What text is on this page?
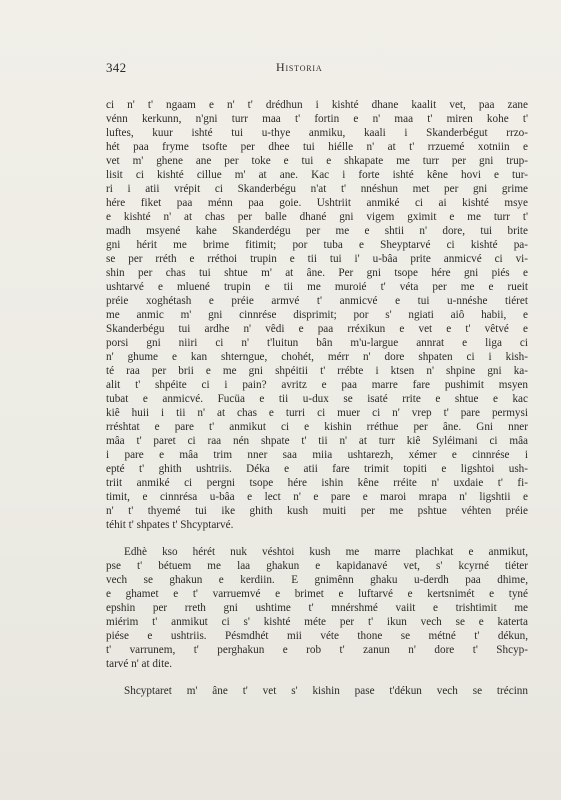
342	Historia
ci n' t' ngaam e n' t' drédhun i kishté dhane kaalit vet, paa zane
vénn kerkunn, n'gni turr maa t' fortin e n' maa t' miren kohe t'
luftes, kuur ishté tui u-thye anmiku, kaali i Skanderbégut rrzo-
hét paa fryme tsofte per dhee tui hiélle n' at t' rrzuemé xotniin e
vet m' ghene ane per toke e tui e shkapate me turr per gni trup-
lisit ci kishté cillue m' at ane. Kac i forte ishté kêne hovi e tur-
ri i atii vrépit ci Skanderbégu n'at t' nnéshun met per gni grime
hére fiket paa ménn paa goie. Ushtriit anmiké ci ai kishté msye
e kishté n' at chas per balle dhané gni vigem gximit e me turr t'
madh msyené kahe Skanderdégu per me e shtii n' dore, tui brite
gni hérit me brime fitimit; por tuba e Sheyptarvé ci kishté pa-
se per rréth e rréthoi trupin e tii tui i' u-bâa prite anmicvé ci vi-
shin per chas tui shtue m' at âne. Per gni tsope hére gni piés e
ushtarvé e mluené trupin e tii me muroié t' véta per me e rueit
préie xoghétash e préie armvé t' anmicvé e tui u-nnéshe tiéret
me anmic m' gni cinnrése disprimit; por s' ngiati aiô habii, e
Skanderbégu tui ardhe n' vêdi e paa rréxikun e vet e t' vêtvé e
porsi gni niiri ci n' t'luitun bân m'u-largue annrat e liga ci
n' ghume e kan shterngue, chohét, mérr n' dore shpaten ci i kish-
té raa per brii e me gni shpéitii t' rrébte i ktsen n' shpine gni ka-
alit t' shpéite ci i pain? avritz e paa marre fare pushimit msyen
tubat e anmicvé. Fucüa e tii u-dux se isaté rrite e shtue e kac
kiê huii i tii n' at chas e turri ci muer ci n' vrep t' pare permysi
rréshtat e pare t' anmikut ci e kishin rréthue per âne. Gni nner
mâa t' paret ci raa nén shpate t' tii n' at turr kiê Syléimani ci mâa
i pare e mâa trim nner saa miia ushtarezh, xémer e cinnrése i
epté t' ghith ushtriis. Déka e atii fare trimit topiti e ligshtoi ush-
triit anmiké ci pergni tsope hére ishin kêne rréite n' uxdaie t' fi-
timit, e cinnrésa u-bâa e lect n' e pare e maroi mrapa n' ligshtii e
n' t' thyemé tui ike ghith kush muiti per me pshtue véhten préie
téhit t' shpates t' Shcyptarvé.
Edhè kso hérét nuk véshtoi kush me marre plachkat e anmikut,
pse t' bétuem me laa ghakun e kapidanavé vet, s' kcyrné tiéter
vech se ghakun e kerdiin. E gnimênn ghaku u-derdh paa dhime,
e ghamet e t' varruemvé e brimet e luftarvé e kertsnimét e tyné
epshin per rreth gni ushtime t' mnérshmé vaiit e trishtimit me
miérim t' anmikut ci s' kishté méte per t' ikun vech se e katerta
piése e ushtriis. Pésmdhét mii véte thone se métné t' dékun,
t' varrunem, t' perghakun e rob t' zanun n' dore t' Shcyp-
tarvé n' at dite.
Shcyptaret m' âne t' vet s' kishin pase t'dékun vech se trécinn
